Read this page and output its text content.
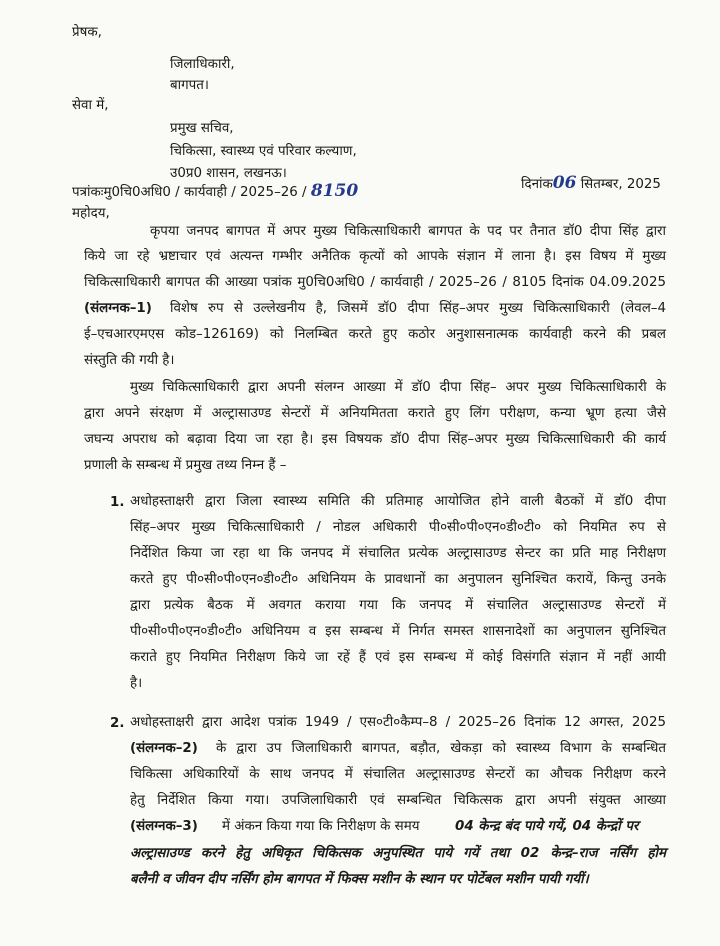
प्रेषक,
जिलाधिकारी,
बागपत।
सेवा में,
प्रमुख सचिव,
चिकित्सा, स्वास्थ्य एवं परिवार कल्याण,
उ0प्र0 शासन, लखनऊ।
पत्रांकःमु0चि0अधि0 / कार्यवाही / 2025–26 / 8150	दिनांक06 सितम्बर, 2025
महोदय,
कृपया जनपद बागपत में अपर मुख्य चिकित्साधिकारी बागपत के पद पर तैनात डॉ0 दीपा सिंह द्वारा
किये जा रहे भ्रष्टाचार एवं अत्यन्त गम्भीर अनैतिक कृत्यों को आपके संज्ञान में लाना है। इस विषय में मुख्य
चिकित्साधिकारी बागपत की आख्या पत्रांक मु0चि0अधि0 / कार्यवाही / 2025–26 / 8105 दिनांक 04.09.2025
(संलग्नक–1) विशेष रुप से उल्लेखनीय है, जिसमें डॉ0 दीपा सिंह–अपर मुख्य चिकित्साधिकारी (लेवल–4
ई–एचआरएमएस कोड–126169) को निलम्बित करते हुए कठोर अनुशासनात्मक कार्यवाही करने की प्रबल
संस्तुति की गयी है।
मुख्य चिकित्साधिकारी द्वारा अपनी संलग्न आख्या में डॉ0 दीपा सिंह– अपर मुख्य चिकित्साधिकारी के
द्वारा अपने संरक्षण में अल्ट्रासाउण्ड सेन्टरों में अनियमितता कराते हुए लिंग परीक्षण, कन्या भ्रूण हत्या जैसे
जघन्य अपराध को बढ़ावा दिया जा रहा है। इस विषयक डॉ0 दीपा सिंह–अपर मुख्य चिकित्साधिकारी की कार्य
प्रणाली के सम्बन्ध में प्रमुख तथ्य निम्न हैं –
1. अधोहस्ताक्षरी द्वारा जिला स्वास्थ्य समिति की प्रतिमाह आयोजित होने वाली बैठकों में डॉ0 दीपा
सिंह–अपर मुख्य चिकित्साधिकारी / नोडल अधिकारी पी०सी०पी०एन०डी०टी० को नियमित रुप से
निर्देशित किया जा रहा था कि जनपद में संचालित प्रत्येक अल्ट्रासाउण्ड सेन्टर का प्रति माह निरीक्षण
करते हुए पी०सी०पी०एन०डी०टी० अधिनियम के प्रावधानों का अनुपालन सुनिश्चित करायें, किन्तु उनके
द्वारा प्रत्येक बैठक में अवगत कराया गया कि जनपद में संचालित अल्ट्रासाउण्ड सेन्टरों में
पी०सी०पी०एन०डी०टी० अधिनियम व इस सम्बन्ध में निर्गत समस्त शासनादेशों का अनुपालन सुनिश्चित
कराते हुए नियमित निरीक्षण किये जा रहें हैं एवं इस सम्बन्ध में कोई विसंगति संज्ञान में नहीं आयी
है।
2. अधोहस्ताक्षरी द्वारा आदेश पत्रांक 1949 / एस०टी०कैम्प–8 / 2025–26 दिनांक 12 अगस्त, 2025
(संलग्नक–2) के द्वारा उप जिलाधिकारी बागपत, बड़ौत, खेकड़ा को स्वास्थ्य विभाग के सम्बन्धित
चिकित्सा अधिकारियों के साथ जनपद में संचालित अल्ट्रासाउण्ड सेन्टरों का औचक निरीक्षण करने
हेतु निर्देशित किया गया। उपजिलाधिकारी एवं सम्बन्धित चिकित्सक द्वारा अपनी संयुक्त आख्या
(संलग्नक–3) में अंकन किया गया कि निरीक्षण के समय	04 केन्द्र बंद पाये गयें, 04 केन्द्रों पर
अल्ट्रासाउण्ड करने हेतु अधिकृत चिकित्सक अनुपस्थित पाये गयें तथा 02 केन्द्र–राज नर्सिंग होम
बलैनी व जीवन दीप नर्सिंग होम बागपत में फिक्स मशीन के स्थान पर पोर्टेबल मशीन पायी गयीं।
